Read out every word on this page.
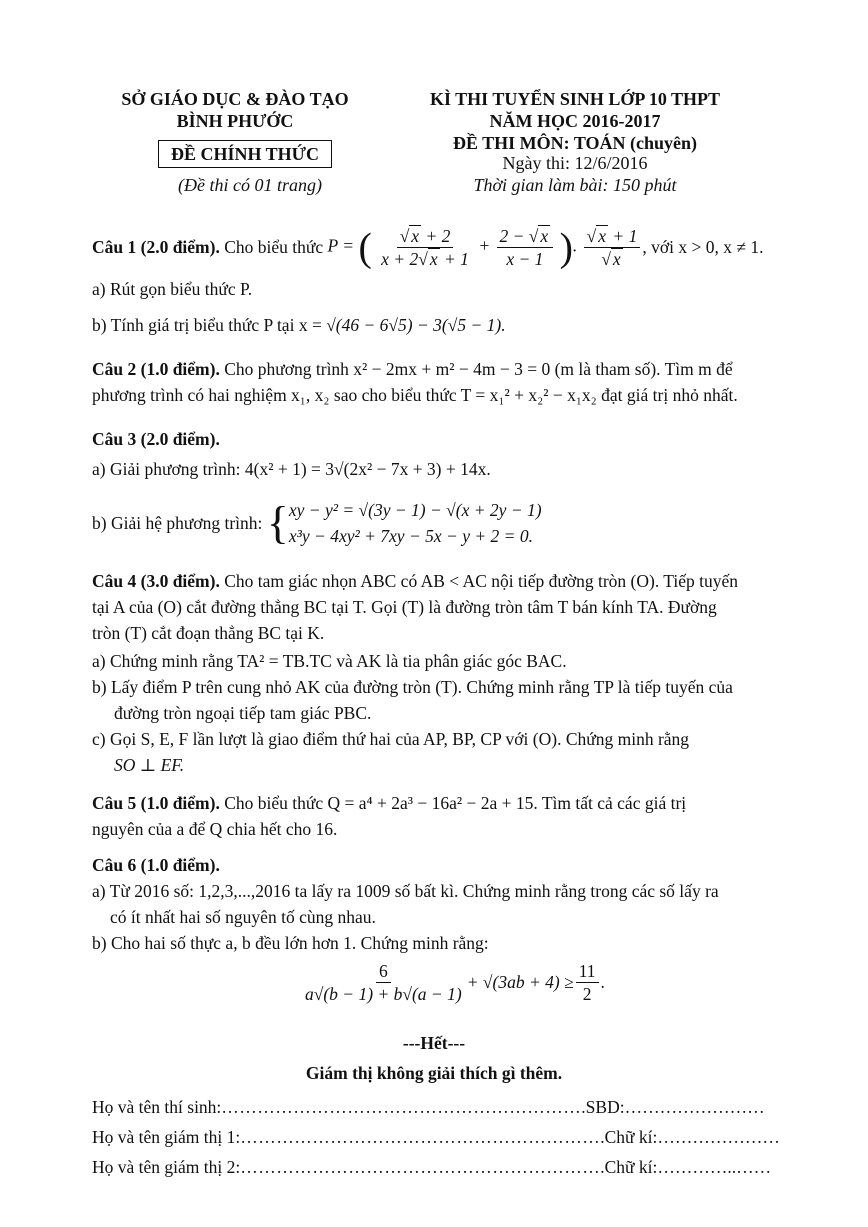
SỞ GIÁO DỤC & ĐÀO TẠO
BÌNH PHƯỚC
ĐỀ CHÍNH THỨC
(Đề thi có 01 trang)
KÌ THI TUYỂN SINH LỚP 10 THPT
NĂM HỌC 2016-2017
ĐỀ THI MÔN: TOÁN (chuyên)
Ngày thi: 12/6/2016
Thời gian làm bài: 150 phút
Câu 1 (2.0 điểm).
Cho biểu thức
P = ( $\frac{√ x + 2}{x + 2√ x + 1} + \frac{2 - √ x}{x - 1}$ ). $\frac{√ x + 1}{√ x}$ , với x > 0, x ≠ 1.
a) Rút gọn biểu thức P.
b) Tính giá trị biểu thức P tại x = √(46 − 6√5) − 3(√5 − 1).
Câu 2 (1.0 điểm). Cho phương trình x² − 2mx + m² − 4m − 3 = 0 (m là tham số). Tìm m để
phương trình có hai nghiệm x₁, x₂ sao cho biểu thức T = x₁² + x₂² − x₁x₂ đạt giá trị nhỏ nhất.
Câu 3 (2.0 điểm).
a) Giải phương trình: 4(x² + 1) = 3√(2x² − 7x + 3) + 14x.
b) Giải hệ phương trình:
{ xy − y² = √(3y − 1) − √(x + 2y − 1)
x³y − 4xy² + 7xy − 5x − y + 2 = 0.
Câu 4 (3.0 điểm). Cho tam giác nhọn ABC có AB < AC nội tiếp đường tròn (O). Tiếp tuyến
tại A của (O) cắt đường thẳng BC tại T. Gọi (T) là đường tròn tâm T bán kính TA. Đường
tròn (T) cắt đoạn thẳng BC tại K.
a) Chứng minh rằng TA² = TB.TC và AK là tia phân giác góc BAC.
b) Lấy điểm P trên cung nhỏ AK của đường tròn (T). Chứng minh rằng TP là tiếp tuyến của
đường tròn ngoại tiếp tam giác PBC.
c) Gọi S, E, F lần lượt là giao điểm thứ hai của AP, BP, CP với (O). Chứng minh rằng
SO ⊥ EF.
Câu 5 (1.0 điểm). Cho biểu thức Q = a⁴ + 2a³ − 16a² − 2a + 15. Tìm tất cả các giá trị
nguyên của a để Q chia hết cho 16.
Câu 6 (1.0 điểm).
a) Từ 2016 số: 1,2,3,...,2016 ta lấy ra 1009 số bất kì. Chứng minh rằng trong các số lấy ra
có ít nhất hai số nguyên tố cùng nhau.
b) Cho hai số thực a, b đều lớn hơn 1. Chứng minh rằng:
$\frac{6}{a√(b - 1) + b√(a - 1)} + √(3ab + 4) \ge \frac{11}{2}$ .
---Hết---
Giám thị không giải thích gì thêm.
Họ và tên thí sinh:…………………………………………………….SBD:……………………
Họ và tên giám thị 1:…………………………………………………….Chữ kí:…………………
Họ và tên giám thị 2:…………………………………………………….Chữ kí:…………..……
